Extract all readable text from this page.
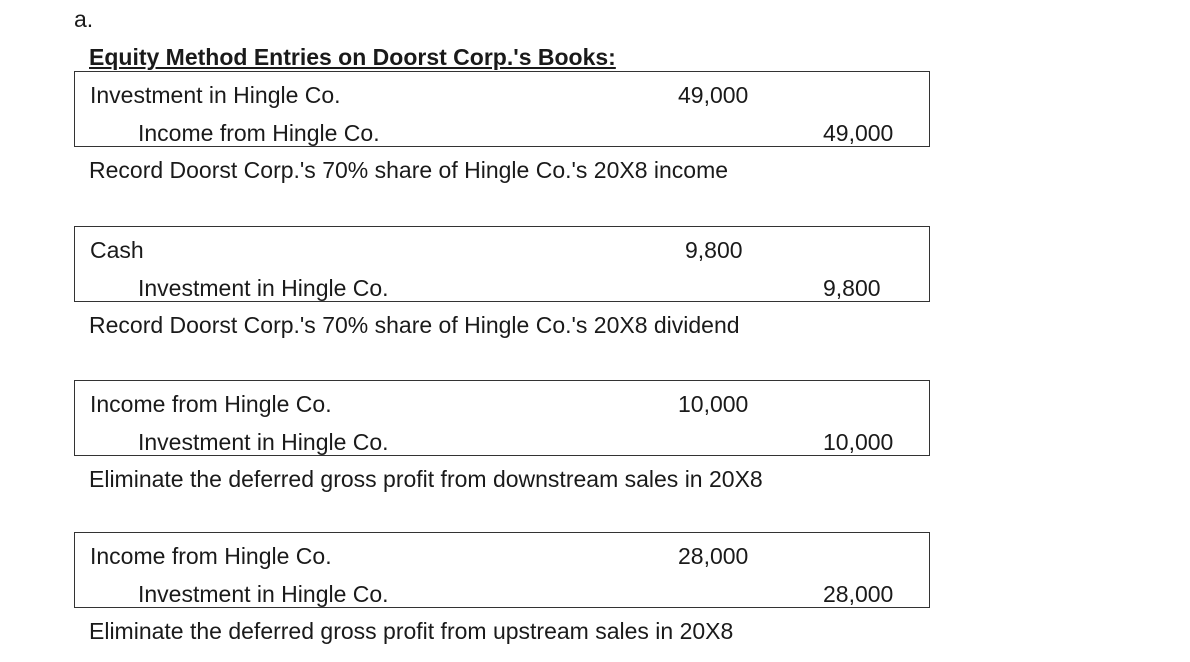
a.
Equity Method Entries on Doorst Corp.'s Books:
Investment in Hingle Co.	49,000
Income from Hingle Co.	49,000
Record Doorst Corp.'s 70% share of Hingle Co.'s 20X8 income
Cash	9,800
Investment in Hingle Co.	9,800
Record Doorst Corp.'s 70% share of Hingle Co.'s 20X8 dividend
Income from Hingle Co.	10,000
Investment in Hingle Co.	10,000
Eliminate the deferred gross profit from downstream sales in 20X8
Income from Hingle Co.	28,000
Investment in Hingle Co.	28,000
Eliminate the deferred gross profit from upstream sales in 20X8
